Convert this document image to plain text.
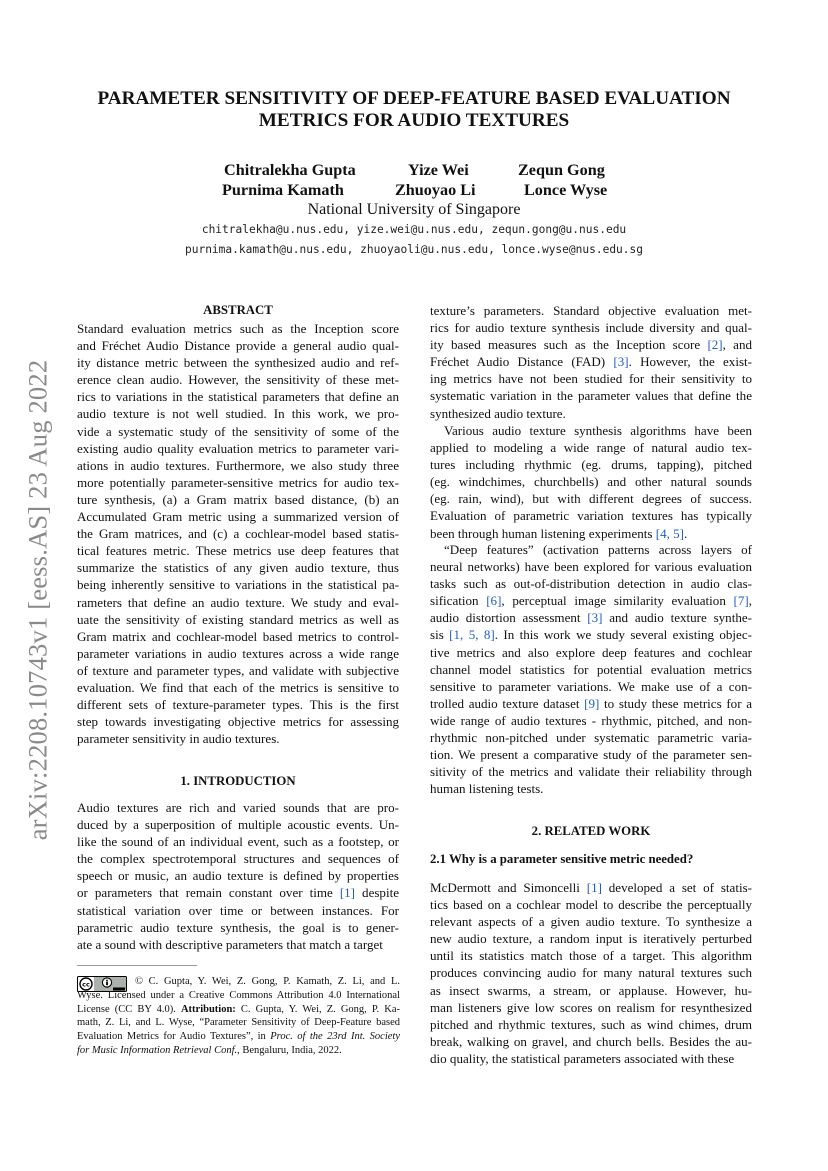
arXiv:2208.10743v1 [eess.AS] 23 Aug 2022
PARAMETER SENSITIVITY OF DEEP-FEATURE BASED EVALUATION
METRICS FOR AUDIO TEXTURES
Chitralekha Gupta	Yize Wei	Zequn Gong
Purnima Kamath	Zhuoyao Li	Lonce Wyse
National University of Singapore
chitralekha@u.nus.edu, yize.wei@u.nus.edu, zequn.gong@u.nus.edu
purnima.kamath@u.nus.edu, zhuoyaoli@u.nus.edu, lonce.wyse@nus.edu.sg
ABSTRACT
Standard evaluation metrics such as the Inception score
and Fréchet Audio Distance provide a general audio qual-
ity distance metric between the synthesized audio and ref-
erence clean audio. However, the sensitivity of these met-
rics to variations in the statistical parameters that define an
audio texture is not well studied. In this work, we pro-
vide a systematic study of the sensitivity of some of the
existing audio quality evaluation metrics to parameter vari-
ations in audio textures. Furthermore, we also study three
more potentially parameter-sensitive metrics for audio tex-
ture synthesis, (a) a Gram matrix based distance, (b) an
Accumulated Gram metric using a summarized version of
the Gram matrices, and (c) a cochlear-model based statis-
tical features metric. These metrics use deep features that
summarize the statistics of any given audio texture, thus
being inherently sensitive to variations in the statistical pa-
rameters that define an audio texture. We study and eval-
uate the sensitivity of existing standard metrics as well as
Gram matrix and cochlear-model based metrics to control-
parameter variations in audio textures across a wide range
of texture and parameter types, and validate with subjective
evaluation. We find that each of the metrics is sensitive to
different sets of texture-parameter types. This is the first
step towards investigating objective metrics for assessing
parameter sensitivity in audio textures.
1. INTRODUCTION
Audio textures are rich and varied sounds that are pro-
duced by a superposition of multiple acoustic events. Un-
like the sound of an individual event, such as a footstep, or
the complex spectrotemporal structures and sequences of
speech or music, an audio texture is defined by properties
or parameters that remain constant over time [1] despite
statistical variation over time or between instances. For
parametric audio texture synthesis, the goal is to gener-
ate a sound with descriptive parameters that match a target
cc	© C. Gupta, Y. Wei, Z. Gong, P. Kamath, Z. Li, and L.
Wyse. Licensed under a Creative Commons Attribution 4.0 International
License (CC BY 4.0). Attribution: C. Gupta, Y. Wei, Z. Gong, P. Ka-
math, Z. Li, and L. Wyse, “Parameter Sensitivity of Deep-Feature based
Evaluation Metrics for Audio Textures”, in Proc. of the 23rd Int. Society
for Music Information Retrieval Conf., Bengaluru, India, 2022.
texture’s parameters. Standard objective evaluation met-
rics for audio texture synthesis include diversity and qual-
ity based measures such as the Inception score [2], and
Fréchet Audio Distance (FAD) [3]. However, the exist-
ing metrics have not been studied for their sensitivity to
systematic variation in the parameter values that define the
synthesized audio texture.
Various audio texture synthesis algorithms have been
applied to modeling a wide range of natural audio tex-
tures including rhythmic (eg. drums, tapping), pitched
(eg. windchimes, churchbells) and other natural sounds
(eg. rain, wind), but with different degrees of success.
Evaluation of parametric variation textures has typically
been through human listening experiments [4, 5].
“Deep features” (activation patterns across layers of
neural networks) have been explored for various evaluation
tasks such as out-of-distribution detection in audio clas-
sification [6], perceptual image similarity evaluation [7],
audio distortion assessment [3] and audio texture synthe-
sis [1, 5, 8]. In this work we study several existing objec-
tive metrics and also explore deep features and cochlear
channel model statistics for potential evaluation metrics
sensitive to parameter variations. We make use of a con-
trolled audio texture dataset [9] to study these metrics for a
wide range of audio textures - rhythmic, pitched, and non-
rhythmic non-pitched under systematic parametric varia-
tion. We present a comparative study of the parameter sen-
sitivity of the metrics and validate their reliability through
human listening tests.
2. RELATED WORK
2.1 Why is a parameter sensitive metric needed?
McDermott and Simoncelli [1] developed a set of statis-
tics based on a cochlear model to describe the perceptually
relevant aspects of a given audio texture. To synthesize a
new audio texture, a random input is iteratively perturbed
until its statistics match those of a target. This algorithm
produces convincing audio for many natural textures such
as insect swarms, a stream, or applause. However, hu-
man listeners give low scores on realism for resynthesized
pitched and rhythmic textures, such as wind chimes, drum
break, walking on gravel, and church bells. Besides the au-
dio quality, the statistical parameters associated with these
